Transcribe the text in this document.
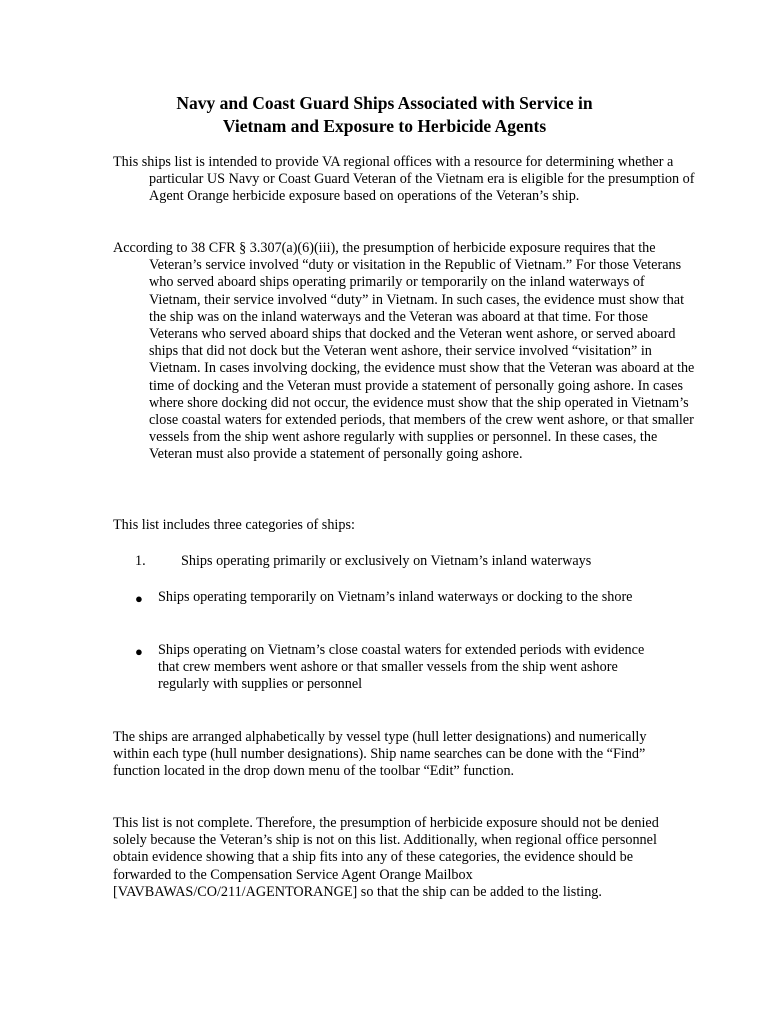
Navy and Coast Guard Ships Associated with Service in
Vietnam and Exposure to Herbicide Agents

This ships list is intended to provide VA regional offices with a resource for determining whether a particular US Navy or Coast Guard Veteran of the Vietnam era is eligible for the presumption of Agent Orange herbicide exposure based on operations of the Veteran’s ship.

According to 38 CFR § 3.307(a)(6)(iii), the presumption of herbicide exposure requires that the Veteran’s service involved “duty or visitation in the Republic of Vietnam.” For those Veterans who served aboard ships operating primarily or temporarily on the inland waterways of Vietnam, their service involved “duty” in Vietnam. In such cases, the evidence must show that the ship was on the inland waterways and the Veteran was aboard at that time. For those Veterans who served aboard ships that docked and the Veteran went ashore, or served aboard ships that did not dock but the Veteran went ashore, their service involved “visitation” in Vietnam. In cases involving docking, the evidence must show that the Veteran was aboard at the time of docking and the Veteran must provide a statement of personally going ashore. In cases where shore docking did not occur, the evidence must show that the ship operated in Vietnam’s close coastal waters for extended periods, that members of the crew went ashore, or that smaller vessels from the ship went ashore regularly with supplies or personnel. In these cases, the Veteran must also provide a statement of personally going ashore.

This list includes three categories of ships:

1. Ships operating primarily or exclusively on Vietnam’s inland waterways
● Ships operating temporarily on Vietnam’s inland waterways or docking to the shore
● Ships operating on Vietnam’s close coastal waters for extended periods with evidence that crew members went ashore or that smaller vessels from the ship went ashore regularly with supplies or personnel

The ships are arranged alphabetically by vessel type (hull letter designations) and numerically within each type (hull number designations). Ship name searches can be done with the “Find” function located in the drop down menu of the toolbar “Edit” function.

This list is not complete. Therefore, the presumption of herbicide exposure should not be denied solely because the Veteran’s ship is not on this list. Additionally, when regional office personnel obtain evidence showing that a ship fits into any of these categories, the evidence should be forwarded to the Compensation Service Agent Orange Mailbox [VAVBAWAS/CO/211/AGENTORANGE] so that the ship can be added to the listing.
